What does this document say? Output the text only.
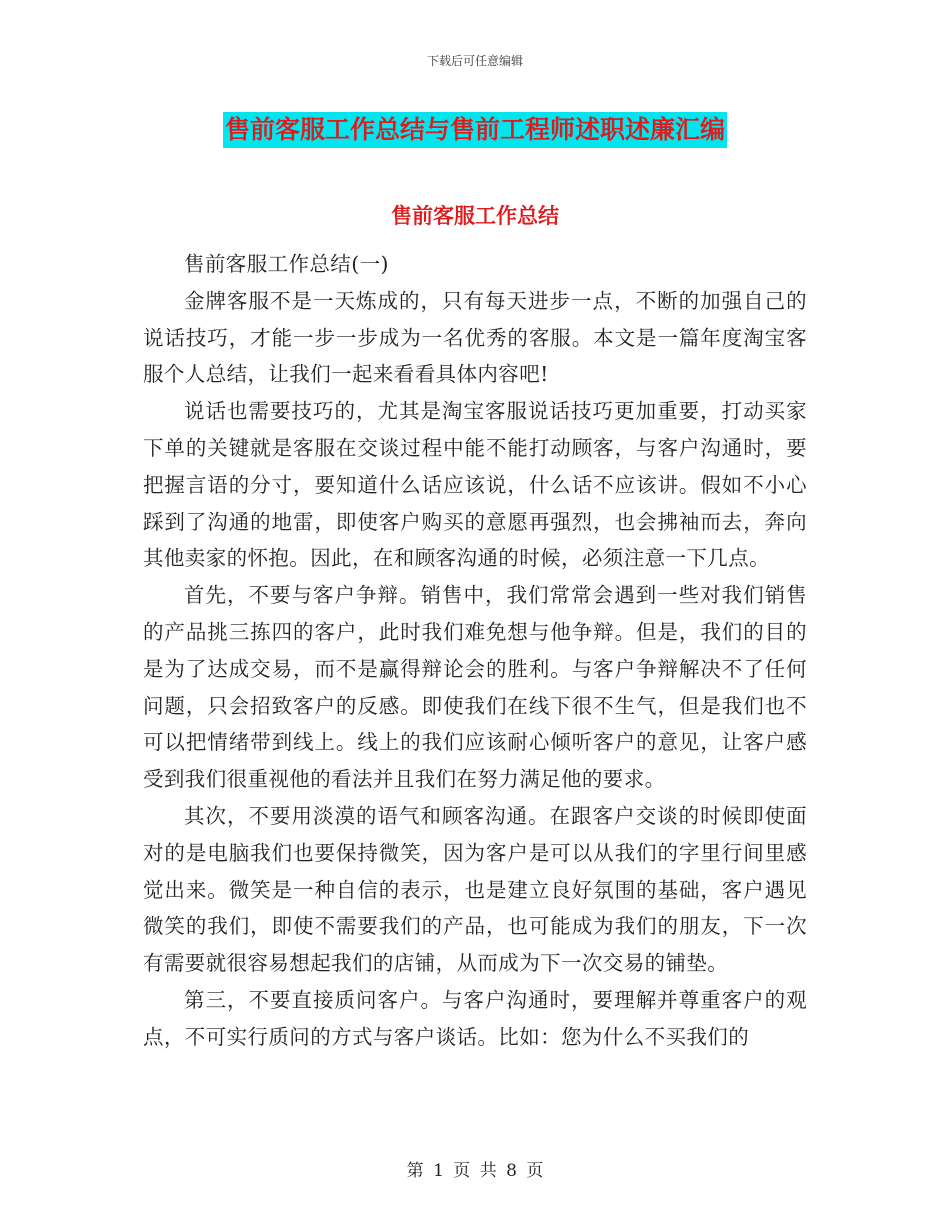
下载后可任意编辑
售前客服工作总结与售前工程师述职述廉汇编
售前客服工作总结

售前客服工作总结(一)

金牌客服不是一天炼成的，只有每天进步一点，不断的加强自己的说话技巧，才能一步一步成为一名优秀的客服。本文是一篇年度淘宝客服个人总结，让我们一起来看看具体内容吧!

说话也需要技巧的，尤其是淘宝客服说话技巧更加重要，打动买家下单的关键就是客服在交谈过程中能不能打动顾客，与客户沟通时，要把握言语的分寸，要知道什么话应该说，什么话不应该讲。假如不小心踩到了沟通的地雷，即使客户购买的意愿再强烈，也会拂袖而去，奔向其他卖家的怀抱。因此，在和顾客沟通的时候，必须注意一下几点。

首先，不要与客户争辩。销售中，我们常常会遇到一些对我们销售的产品挑三拣四的客户，此时我们难免想与他争辩。但是，我们的目的是为了达成交易，而不是赢得辩论会的胜利。与客户争辩解决不了任何问题，只会招致客户的反感。即使我们在线下很不生气，但是我们也不可以把情绪带到线上。线上的我们应该耐心倾听客户的意见，让客户感受到我们很重视他的看法并且我们在努力满足他的要求。

其次，不要用淡漠的语气和顾客沟通。在跟客户交谈的时候即使面对的是电脑我们也要保持微笑，因为客户是可以从我们的字里行间里感觉出来。微笑是一种自信的表示，也是建立良好氛围的基础，客户遇见微笑的我们，即使不需要我们的产品，也可能成为我们的朋友，下一次有需要就很容易想起我们的店铺，从而成为下一次交易的铺垫。

第三，不要直接质问客户。与客户沟通时，要理解并尊重客户的观点，不可实行质问的方式与客户谈话。比如：您为什么不买我们的

第 1 页 共 8 页
